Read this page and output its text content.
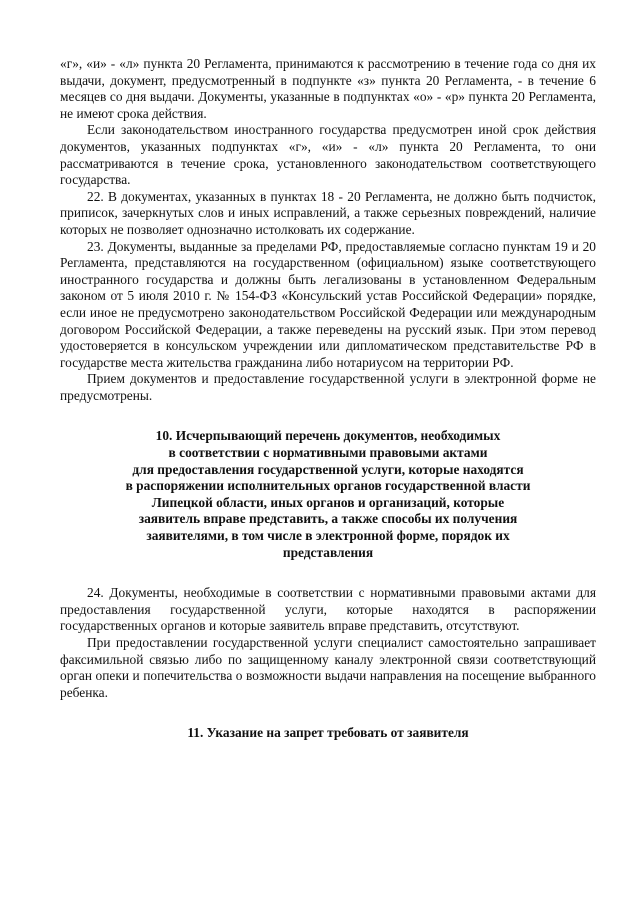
«г», «и» - «л» пункта 20 Регламента, принимаются к рассмотрению в течение года со дня их выдачи, документ, предусмотренный в подпункте «з» пункта 20 Регламента, - в течение 6 месяцев со дня выдачи. Документы, указанные в подпунктах «о» - «р» пункта 20 Регламента, не имеют срока действия.

Если законодательством иностранного государства предусмотрен иной срок действия документов, указанных подпунктах «г», «и» - «л» пункта 20 Регламента, то они рассматриваются в течение срока, установленного законодательством соответствующего государства.

22. В документах, указанных в пунктах 18 - 20 Регламента, не должно быть подчисток, приписок, зачеркнутых слов и иных исправлений, а также серьезных повреждений, наличие которых не позволяет однозначно истолковать их содержание.

23. Документы, выданные за пределами РФ, предоставляемые согласно пунктам 19 и 20 Регламента, представляются на государственном (официальном) языке соответствующего иностранного государства и должны быть легализованы в установленном Федеральным законом от 5 июля 2010 г. № 154-ФЗ «Консульский устав Российской Федерации» порядке, если иное не предусмотрено законодательством Российской Федерации или международным договором Российской Федерации, а также переведены на русский язык. При этом перевод удостоверяется в консульском учреждении или дипломатическом представительстве РФ в государстве места жительства гражданина либо нотариусом на территории РФ.

Прием документов и предоставление государственной услуги в электронной форме не предусмотрены.

10. Исчерпывающий перечень документов, необходимых
в соответствии с нормативными правовыми актами
для предоставления государственной услуги, которые находятся
в распоряжении исполнительных органов государственной власти
Липецкой области, иных органов и организаций, которые
заявитель вправе представить, а также способы их получения
заявителями, в том числе в электронной форме, порядок их
представления

24. Документы, необходимые в соответствии с нормативными правовыми актами для предоставления государственной услуги, которые находятся в распоряжении государственных органов и которые заявитель вправе представить, отсутствуют.

При предоставлении государственной услуги специалист самостоятельно запрашивает факсимильной связью либо по защищенному каналу электронной связи соответствующий орган опеки и попечительства о возможности выдачи направления на посещение выбранного ребенка.

11. Указание на запрет требовать от заявителя
